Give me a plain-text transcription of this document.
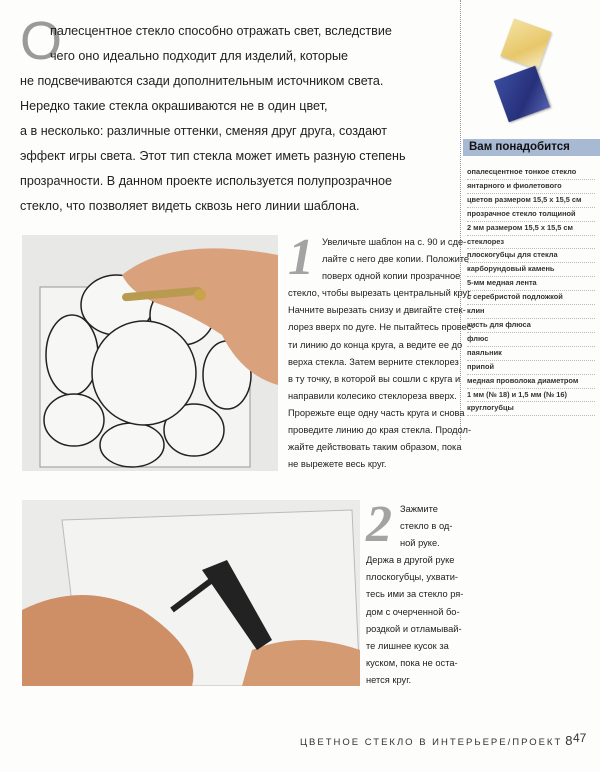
О
палесцентное стекло способно отражать свет, вследствие
чего оно идеально подходит для изделий, которые
не подсвечиваются сзади дополнительным источником света.
Нередко такие стекла окрашиваются не в один цвет,
а в несколько: различные оттенки, сменяя друг друга, создают
эффект игры света. Этот тип стекла может иметь разную степень
прозрачности. В данном проекте используется полупрозрачное
стекло, что позволяет видеть сквозь него линии шаблона.
Вам понадобится
опалесцентное тонкое стекло
янтарного и фиолетового
цветов размером 15,5 x 15,5 см
прозрачное стекло толщиной
2 мм размером 15,5 x 15,5 см
стеклорез
плоскогубцы для стекла
карборундовый камень
5-мм медная лента
с серебристой подложкой
клин
кисть для флюса
флюс
паяльник
припой
медная проволока диаметром
1 мм (№ 18) и 1,5 мм (№ 16)
круглогубцы
1 Увеличьте шаблон на с. 90 и сде-
лайте с него две копии. Положите
поверх одной копии прозрачное
стекло, чтобы вырезать центральный круг.
Начните вырезать снизу и двигайте стек-
лорез вверх по дуге. Не пытайтесь провес-
ти линию до конца круга, а ведите ее до
верха стекла. Затем верните стеклорез
в ту точку, в которой вы сошли с круга и
направили колесико стеклореза вверх.
Прорежьте еще одну часть круга и снова
проведите линию до края стекла. Продол-
жайте действовать таким образом, пока
не вырежете весь круг.
2 Зажмите
стекло в од-
ной руке.
Держа в другой руке
плоскогубцы, ухвати-
тесь ими за стекло ря-
дом с очерченной бо-
роздкой и отламывай-
те лишнее кусок за
куском, пока не оста-
нется круг.
ЦВЕТНОЕ СТЕКЛО В ИНТЕРЬЕРЕ/ПРОЕКТ 8 47
